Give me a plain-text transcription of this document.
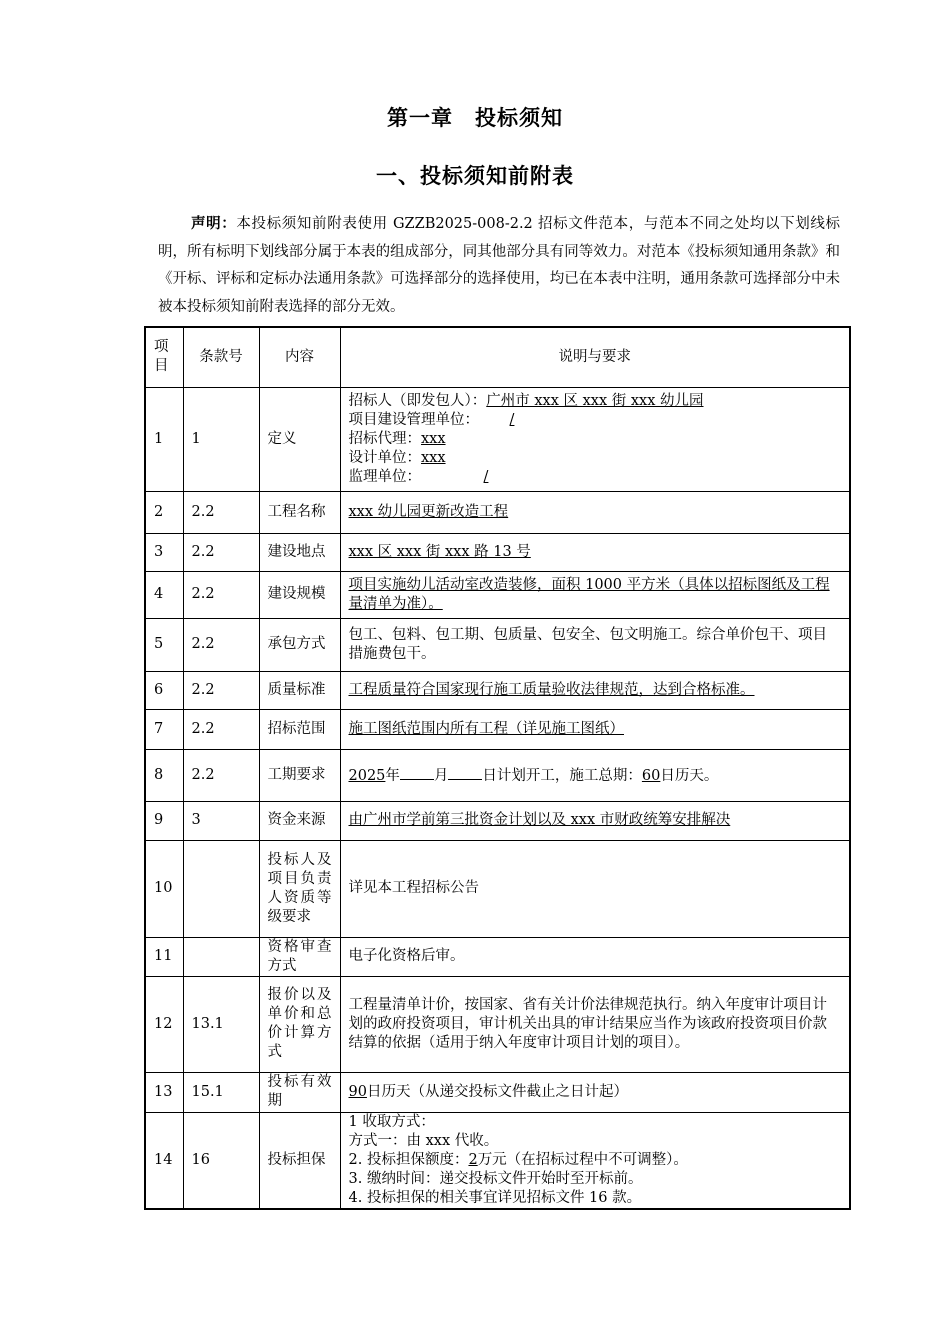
第一章　投标须知
一、投标须知前附表
声明：本投标须知前附表使用 GZZB2025-008-2.2 招标文件范本，与范本不同之处均以下划线标明，所有标明下划线部分属于本表的组成部分，同其他部分具有同等效力。对范本《投标须知通用条款》和《开标、评标和定标办法通用条款》可选择部分的选择使用，均已在本表中注明，通用条款可选择部分中未被本投标须知前附表选择的部分无效。
项目	条款号	内容	说明与要求
1	1	定义	招标人（即发包人）：广州市 xxx 区 xxx 街 xxx 幼儿园
项目建设管理单位： /
招标代理：xxx
设计单位：xxx
监理单位： /

2	2.2	工程名称	xxx 幼儿园更新改造工程
3	2.2	建设地点	xxx 区 xxx 街 xxx 路 13 号
4	2.2	建设规模	项目实施幼儿活动室改造装修，面积 1000 平方米（具体以招标图纸及工程量清单为准）。
5	2.2	承包方式	包工、包料、包工期、包质量、包安全、包文明施工。综合单价包干、项目措施费包干。
6	2.2	质量标准	工程质量符合国家现行施工质量验收法律规范，达到合格标准。
7	2.2	招标范围	施工图纸范围内所有工程（详见施工图纸）
8	2.2	工期要求	2025年 月 日计划开工，施工总期：60日历天。
9	3	资金来源	由广州市学前第三批资金计划以及 xxx 市财政统筹安排解决
10		投标人及项目负责人资质等级要求	详见本工程招标公告
11		资格审查方式	电子化资格后审。
12	13.1	报价以及单价和总价计算方式	工程量清单计价，按国家、省有关计价法律规范执行。纳入年度审计项目计划的政府投资项目，审计机关出具的审计结果应当作为该政府投资项目价款结算的依据（适用于纳入年度审计项目计划的项目）。
13	15.1	投标有效期	90日历天（从递交投标文件截止之日计起）
14	16	投标担保	1 收取方式：
方式一：由 xxx 代收。
2. 投标担保额度：2万元（在招标过程中不可调整）。
3. 缴纳时间：递交投标文件开始时至开标前。
4. 投标担保的相关事宜详见招标文件 16 款。
